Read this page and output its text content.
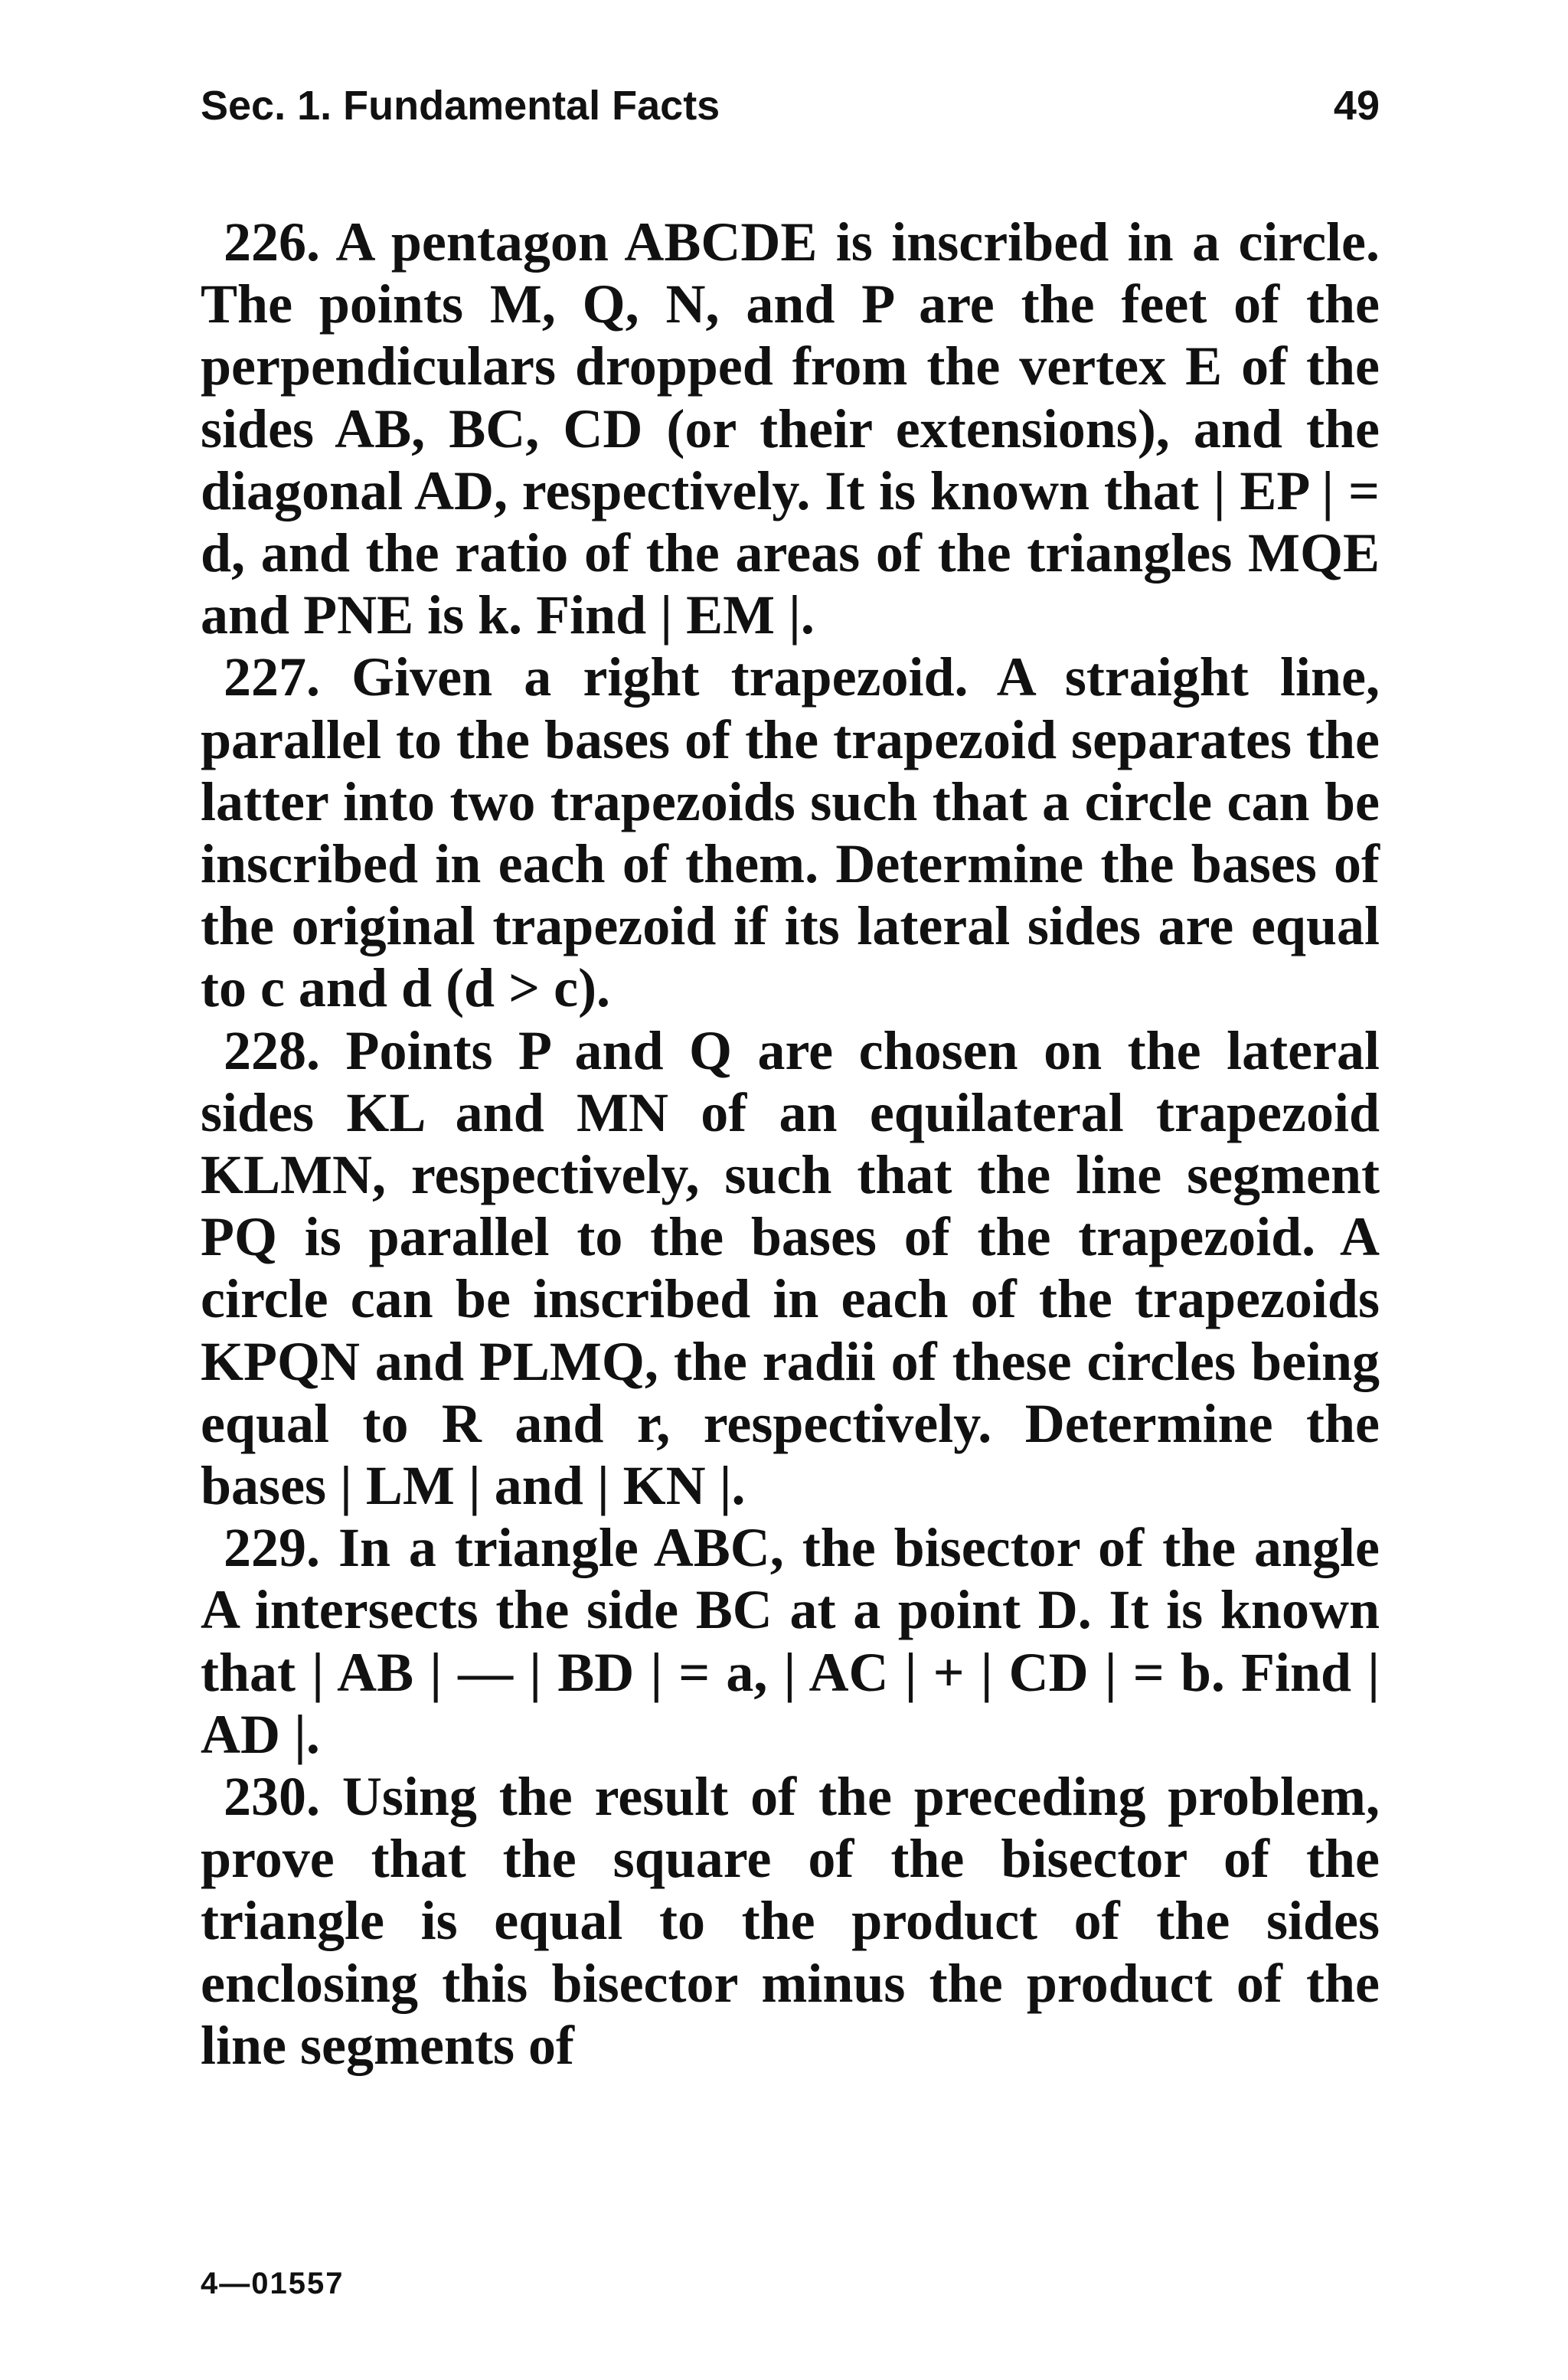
Sec. 1. Fundamental Facts	49

226. A pentagon ABCDE is inscribed in a circle. The points M, Q, N, and P are the feet of the perpendiculars dropped from the vertex E of the sides AB, BC, CD (or their extensions), and the diagonal AD, respectively. It is known that | EP | = d, and the ratio of the areas of the triangles MQE and PNE is k. Find | EM |.

227. Given a right trapezoid. A straight line, parallel to the bases of the trapezoid separates the latter into two trapezoids such that a circle can be inscribed in each of them. Determine the bases of the original trapezoid if its lateral sides are equal to c and d (d > c).

228. Points P and Q are chosen on the lateral sides KL and MN of an equilateral trapezoid KLMN, respectively, such that the line segment PQ is parallel to the bases of the trapezoid. A circle can be inscribed in each of the trapezoids KPQN and PLMQ, the radii of these circles being equal to R and r, respectively. Determine the bases | LM | and | KN |.

229. In a triangle ABC, the bisector of the angle A intersects the side BC at a point D. It is known that | AB | — | BD | = a, | AC | + | CD | = b. Find | AD |.

230. Using the result of the preceding problem, prove that the square of the bisector of the triangle is equal to the product of the sides enclosing this bisector minus the product of the line segments of

4—01557
